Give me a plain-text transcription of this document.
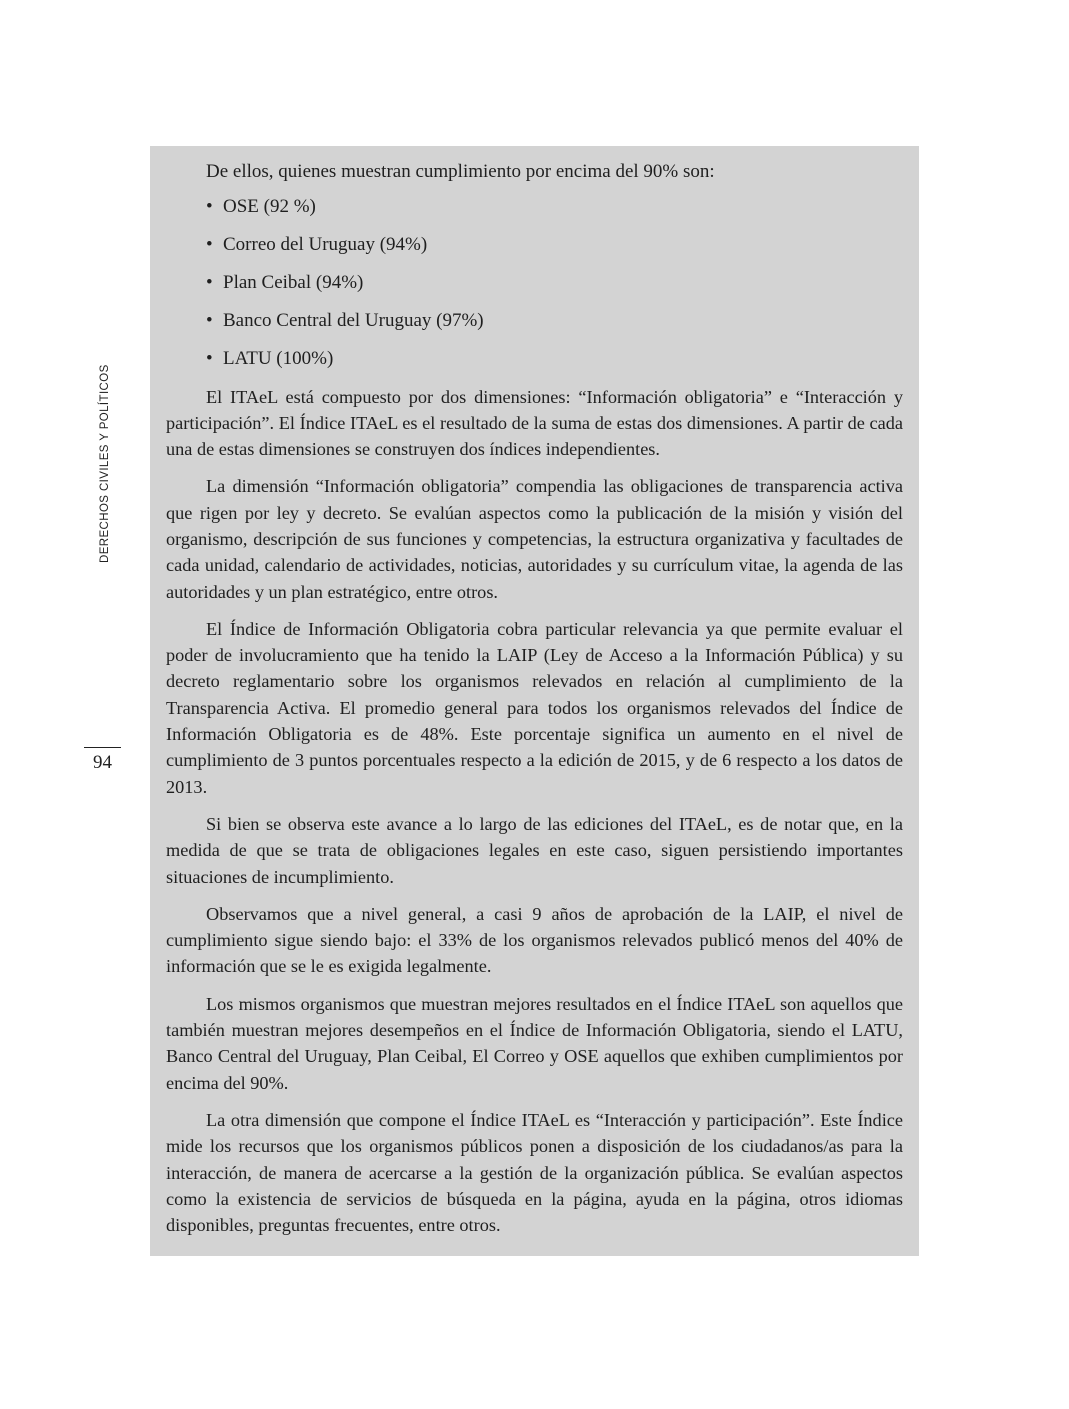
DERECHOS CIVILES Y POLÍTICOS
94

De ellos, quienes muestran cumplimiento por encima del 90% son:

• OSE (92 %)
• Correo del Uruguay (94%)
• Plan Ceibal (94%)
• Banco Central del Uruguay (97%)
• LATU (100%)

El ITAeL está compuesto por dos dimensiones: “Información obligatoria” e “Interacción y participación”. El Índice ITAeL es el resultado de la suma de estas dos dimensiones. A partir de cada una de estas dimensiones se construyen dos índices independientes.

La dimensión “Información obligatoria” compendia las obligaciones de transparencia activa que rigen por ley y decreto. Se evalúan aspectos como la publicación de la misión y visión del organismo, descripción de sus funciones y competencias, la estructura organizativa y facultades de cada unidad, calendario de actividades, noticias, autoridades y su currículum vitae, la agenda de las autoridades y un plan estratégico, entre otros.

El Índice de Información Obligatoria cobra particular relevancia ya que permite evaluar el poder de involucramiento que ha tenido la LAIP (Ley de Acceso a la Información Pública) y su decreto reglamentario sobre los organismos relevados en relación al cumplimiento de la Transparencia Activa. El promedio general para todos los organismos relevados del Índice de Información Obligatoria es de 48%. Este porcentaje significa un aumento en el nivel de cumplimiento de 3 puntos porcentuales respecto a la edición de 2015, y de 6 respecto a los datos de 2013.

Si bien se observa este avance a lo largo de las ediciones del ITAeL, es de notar que, en la medida de que se trata de obligaciones legales en este caso, siguen persistiendo importantes situaciones de incumplimiento.

Observamos que a nivel general, a casi 9 años de aprobación de la LAIP, el nivel de cumplimiento sigue siendo bajo: el 33% de los organismos relevados publicó menos del 40% de información que se le es exigida legalmente.

Los mismos organismos que muestran mejores resultados en el Índice ITAeL son aquellos que también muestran mejores desempeños en el Índice de Información Obligatoria, siendo el LATU, Banco Central del Uruguay, Plan Ceibal, El Correo y OSE aquellos que exhiben cumplimientos por encima del 90%.

La otra dimensión que compone el Índice ITAeL es “Interacción y participación”. Este Índice mide los recursos que los organismos públicos ponen a disposición de los ciudadanos/as para la interacción, de manera de acercarse a la gestión de la organización pública. Se evalúan aspectos como la existencia de servicios de búsqueda en la página, ayuda en la página, otros idiomas disponibles, preguntas frecuentes, entre otros.
